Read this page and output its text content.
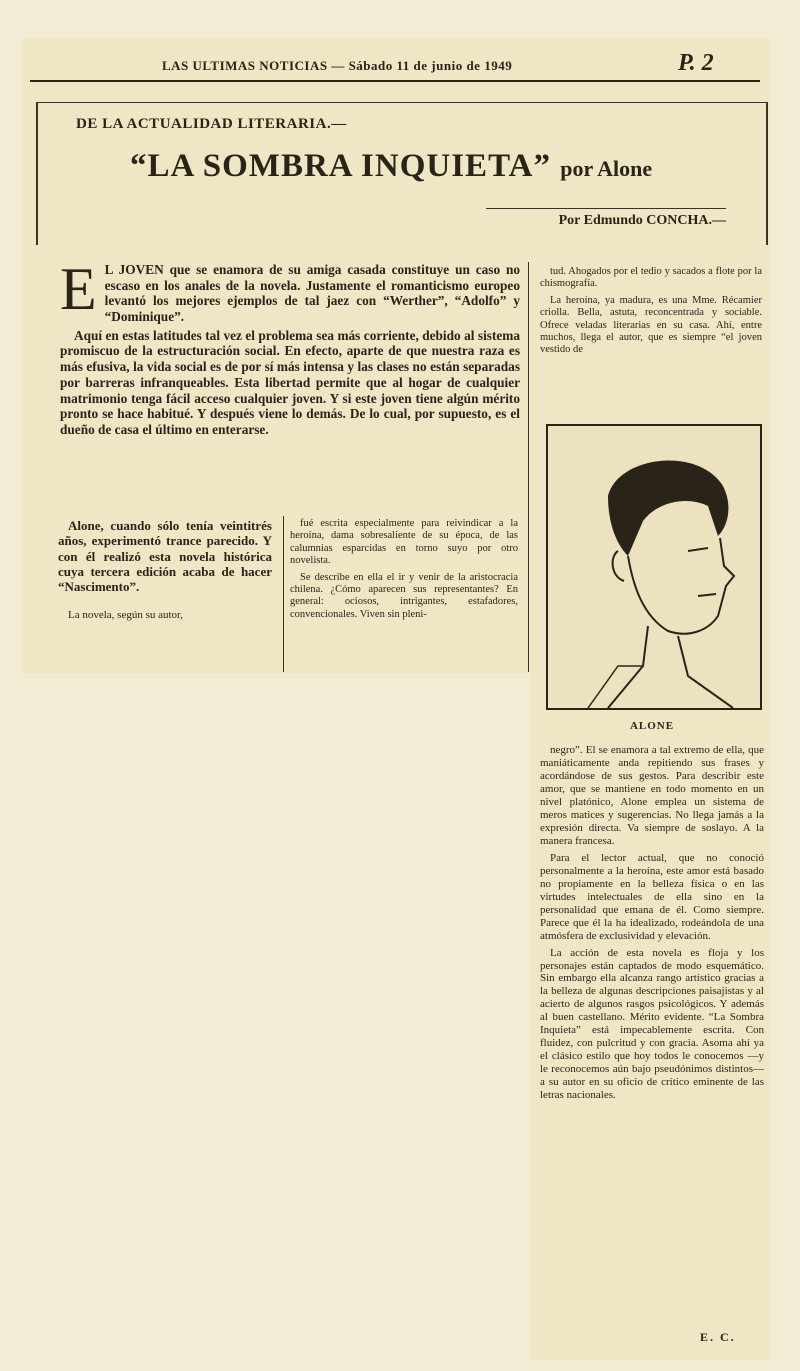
LAS ULTIMAS NOTICIAS — Sábado 11 de junio de 1949	P. 2
DE LA ACTUALIDAD LITERARIA.—
“LA SOMBRA INQUIETA” por Alone
Por Edmundo CONCHA.—

E L JOVEN que se enamora de su amiga casada constituye un caso no escaso en los anales de la novela. Justamente el romanticismo europeo levantó los mejores ejemplos de tal jaez con “Werther”, “Adolfo” y “Dominique”.

Aquí en estas latitudes tal vez el problema sea más corriente, debido al sistema promiscuo de la estructuración social. En efecto, aparte de que nuestra raza es más efusiva, la vida social es de por sí más intensa y las clases no están separadas por barreras infranqueables. Esta libertad permite que al hogar de cualquier matrimonio tenga fácil acceso cualquier joven. Y si este joven tiene algún mérito pronto se hace habitué. Y después viene lo demás. De lo cual, por supuesto, es el dueño de casa el último en enterarse.

Alone, cuando sólo tenía veintitrés años, experimentó trance parecido. Y con él realizó esta novela histórica cuya tercera edición acaba de hacer “Nascimento”.

La novela, según su autor,

fué escrita especialmente para reivindicar a la heroína, dama sobresaliente de su época, de las calumnias esparcidas en torno suyo por otro novelista.

Se describe en ella el ir y venir de la aristocracia chilena. ¿Cómo aparecen sus representantes? En general: ociosos, intrigantes, estafadores, convencionales. Viven sin pleni-

tud. Ahogados por el tedio y sacados a flote por la chismografía.

La heroína, ya madura, es una Mme. Récamier criolla. Bella, astuta, reconcentrada y sociable. Ofrece veladas literarias en su casa. Ahí, entre muchos, llega el autor, que es siempre “el joven vestido de

ALONE

negro”. El se enamora a tal extremo de ella, que maniáticamente anda repitiendo sus frases y acordándose de sus gestos. Para describir este amor, que se mantiene en todo momento en un nivel platónico, Alone emplea un sistema de meros matices y sugerencias. No llega jamás a la expresión directa. Va siempre de soslayo. A la manera francesa.

Para el lector actual, que no conoció personalmente a la heroína, este amor está basado no propiamente en la belleza física o en las virtudes intelectuales de ella sino en la personalidad que emana de él. Como siempre. Parece que él la ha idealizado, rodeándola de una atmósfera de exclusividad y elevación.

La acción de esta novela es floja y los personajes están captados de modo esquemático. Sin embargo ella alcanza rango artístico gracias a la belleza de algunas descripciones paisajistas y al acierto de algunos rasgos psicológicos. Y además al buen castellano. Mérito evidente. “La Sombra Inquieta” está impecablemente escrita. Con fluidez, con pulcritud y con gracia. Asoma ahí ya el clásico estilo que hoy todos le conocemos —y le reconocemos aún bajo pseudónimos distintos— a su autor en su oficio de crítico eminente de las letras nacionales.

E. C.
